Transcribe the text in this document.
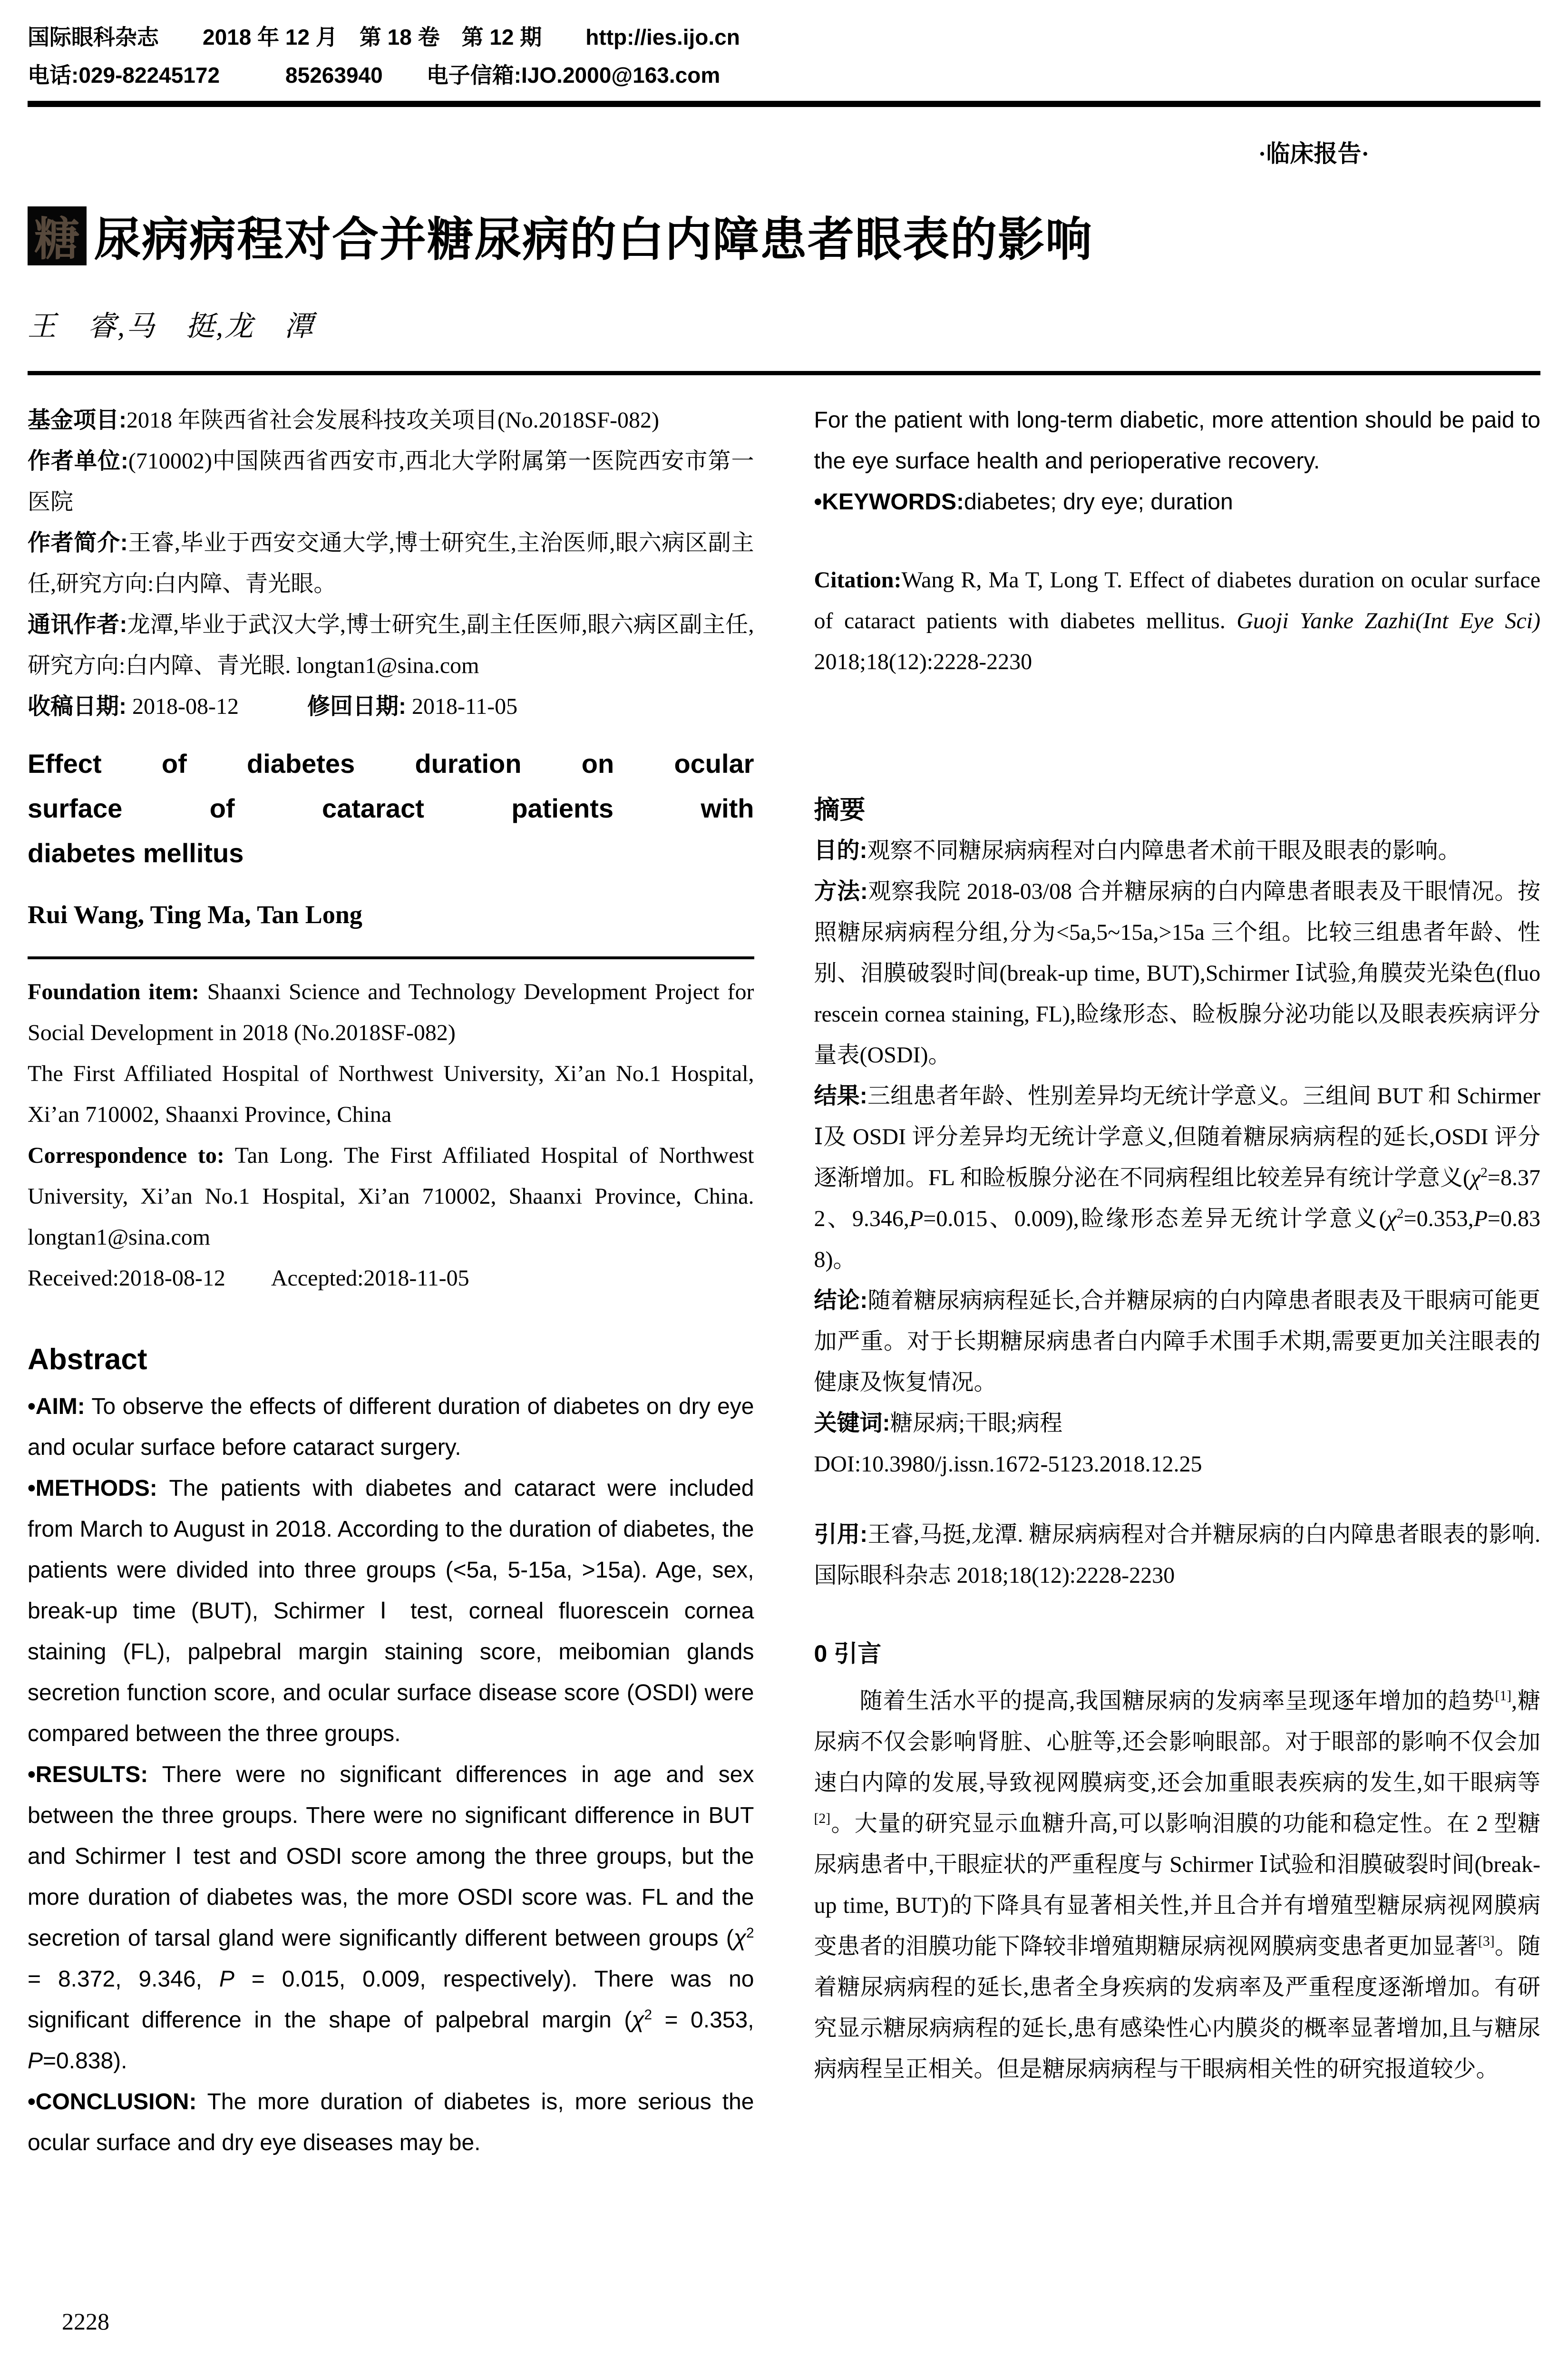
国际眼科杂志　　2018 年 12 月　第 18 卷　第 12 期　　http://ies.ijo.cn
电话:029-82245172　　　85263940　　电子信箱:IJO.2000@163.com
·临床报告·
糖 尿病病程对合并糖尿病的白内障患者眼表的影响
王　睿,马　挺,龙　潭

基金项目:2018 年陕西省社会发展科技攻关项目(No.2018SF-082)

作者单位:(710002)中国陕西省西安市,西北大学附属第一医院西安市第一医院

作者简介:王睿,毕业于西安交通大学,博士研究生,主治医师,眼六病区副主任,研究方向:白内障、青光眼。

通讯作者:龙潭,毕业于武汉大学,博士研究生,副主任医师,眼六病区副主任,研究方向:白内障、青光眼. longtan1@sina.com

收稿日期: 2018-08-12　　　修回日期: 2018-11-05

Effect of diabetes duration on ocular
surface of cataract patients with
diabetes mellitus
Rui Wang, Ting Ma, Tan Long

Foundation item: Shaanxi Science and Technology Development Project for Social Development in 2018 (No.2018SF-082)

The First Affiliated Hospital of Northwest University, Xi’an No.1 Hospital, Xi’an 710002, Shaanxi Province, China

Correspondence to: Tan Long. The First Affiliated Hospital of Northwest University, Xi’an No.1 Hospital, Xi’an 710002, Shaanxi Province, China. longtan1@sina.com

Received:2018-08-12　　Accepted:2018-11-05

Abstract

•AIM: To observe the effects of different duration of diabetes on dry eye and ocular surface before cataract surgery.

•METHODS: The patients with diabetes and cataract were included from March to August in 2018. According to the duration of diabetes, the patients were divided into three groups (<5a, 5-15a, >15a). Age, sex, break-up time (BUT), Schirmer Ⅰ test, corneal fluorescein cornea staining (FL), palpebral margin staining score, meibomian glands secretion function score, and ocular surface disease score (OSDI) were compared between the three groups.

•RESULTS: There were no significant differences in age and sex between the three groups. There were no significant difference in BUT and Schirmer Ⅰ test and OSDI score among the three groups, but the more duration of diabetes was, the more OSDI score was. FL and the secretion of tarsal gland were significantly different between groups ($\chi^2 = 8.372$, 9.346, P = 0.015, 0.009, respectively). There was no significant difference in the shape of palpebral margin ($\chi^2 = 0.353$, P=0.838).

•CONCLUSION: The more duration of diabetes is, more serious the ocular surface and dry eye diseases may be.

For the patient with long-term diabetic, more attention should be paid to the eye surface health and perioperative recovery.

•KEYWORDS:diabetes; dry eye; duration

Citation:Wang R, Ma T, Long T. Effect of diabetes duration on ocular surface of cataract patients with diabetes mellitus. Guoji Yanke Zazhi(Int Eye Sci) 2018;18(12):2228-2230

摘要

目的:观察不同糖尿病病程对白内障患者术前干眼及眼表的影响。

方法:观察我院 2018-03/08 合并糖尿病的白内障患者眼表及干眼情况。按照糖尿病病程分组,分为<5a,5~15a,>15a 三个组。比较三组患者年龄、性别、泪膜破裂时间(break-up time, BUT),Schirmer Ⅰ试验,角膜荧光染色(fluorescein cornea staining, FL),睑缘形态、睑板腺分泌功能以及眼表疾病评分量表(OSDI)。

结果:三组患者年龄、性别差异均无统计学意义。三组间 BUT 和 Schirmer Ⅰ及 OSDI 评分差异均无统计学意义,但随着糖尿病病程的延长,OSDI 评分逐渐增加。FL 和睑板腺分泌在不同病程组比较差异有统计学意义($\chi^2=8.372$、9.346,P=0.015、0.009),睑缘形态差异无统计学意义$(\chi^2=0.353,P=0.838)$。

结论:随着糖尿病病程延长,合并糖尿病的白内障患者眼表及干眼病可能更加严重。对于长期糖尿病患者白内障手术围手术期,需要更加关注眼表的健康及恢复情况。

关键词:糖尿病;干眼;病程

DOI:10.3980/j.issn.1672-5123.2018.12.25

引用:王睿,马挺,龙潭. 糖尿病病程对合并糖尿病的白内障患者眼表的影响. 国际眼科杂志 2018;18(12):2228-2230

0 引言

随着生活水平的提高,我国糖尿病的发病率呈现逐年增加的趋势[1],糖尿病不仅会影响肾脏、心脏等,还会影响眼部。对于眼部的影响不仅会加速白内障的发展,导致视网膜病变,还会加重眼表疾病的发生,如干眼病等[2]。大量的研究显示血糖升高,可以影响泪膜的功能和稳定性。在 2 型糖尿病患者中,干眼症状的严重程度与 Schirmer Ⅰ试验和泪膜破裂时间(break-up time, BUT)的下降具有显著相关性,并且合并有增殖型糖尿病视网膜病变患者的泪膜功能下降较非增殖期糖尿病视网膜病变患者更加显著[3]。随着糖尿病病程的延长,患者全身疾病的发病率及严重程度逐渐增加。有研究显示糖尿病病程的延长,患有感染性心内膜炎的概率显著增加,且与糖尿病病程呈正相关。但是糖尿病病程与干眼病相关性的研究报道较少。

2228
